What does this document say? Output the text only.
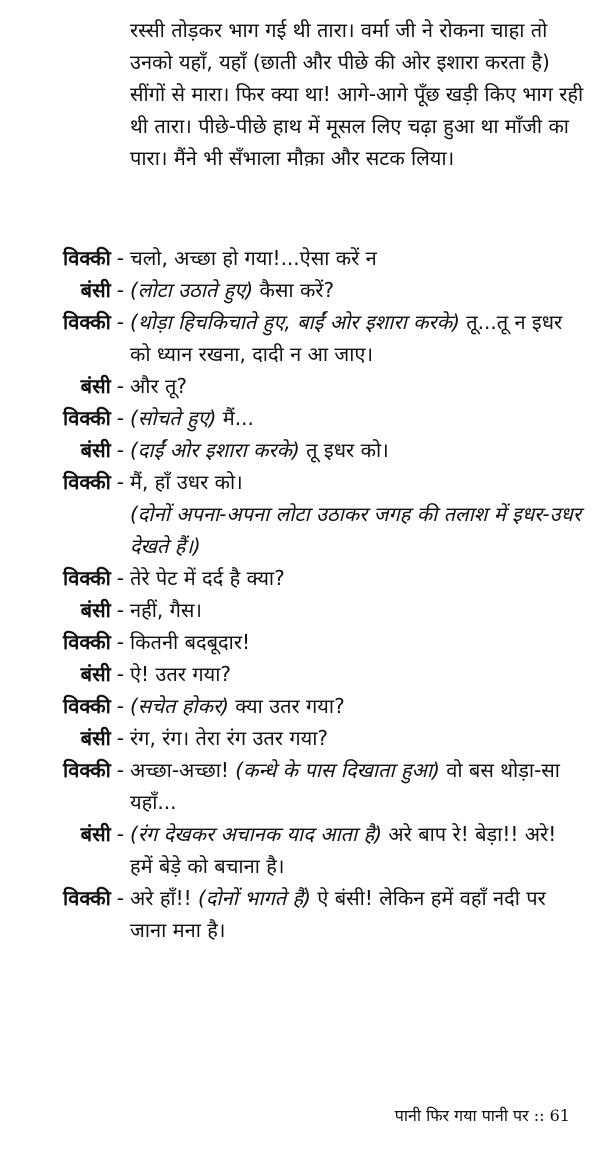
रस्सी तोड़कर भाग गई थी तारा। वर्मा जी ने रोकना चाहा तो उनको यहाँ, यहाँ (छाती और पीछे की ओर इशारा करता है) सींगों से मारा। फिर क्या था! आगे-आगे पूँछ खड़ी किए भाग रही थी तारा। पीछे-पीछे हाथ में मूसल लिए चढ़ा हुआ था माँजी का पारा। मैंने भी सँभाला मौक़ा और सटक लिया।
विक्की - चलो, अच्छा हो गया!...ऐसा करें न
बंसी - (लोटा उठाते हुए) कैसा करें?
विक्की - (थोड़ा हिचकिचाते हुए, बाईं ओर इशारा करके) तू...तू न इधर को ध्यान रखना, दादी न आ जाए।
बंसी - और तू?
विक्की - (सोचते हुए) मैं...
बंसी - (दाईं ओर इशारा करके) तू इधर को।
विक्की - मैं, हाँ उधर को।
(दोनों अपना-अपना लोटा उठाकर जगह की तलाश में इधर-उधर देखते हैं।)
विक्की - तेरे पेट में दर्द है क्या?
बंसी - नहीं, गैस।
विक्की - कितनी बदबूदार!
बंसी - ऐ! उतर गया?
विक्की - (सचेत होकर) क्या उतर गया?
बंसी - रंग, रंग। तेरा रंग उतर गया?
विक्की - अच्छा-अच्छा! (कन्धे के पास दिखाता हुआ) वो बस थोड़ा-सा यहाँ...
बंसी - (रंग देखकर अचानक याद आता है) अरे बाप रे! बेड़ा!! अरे! हमें बेड़े को बचाना है।
विक्की - अरे हाँ!! (दोनों भागते हैं) ऐ बंसी! लेकिन हमें वहाँ नदी पर जाना मना है।
पानी फिर गया पानी पर :: 61
